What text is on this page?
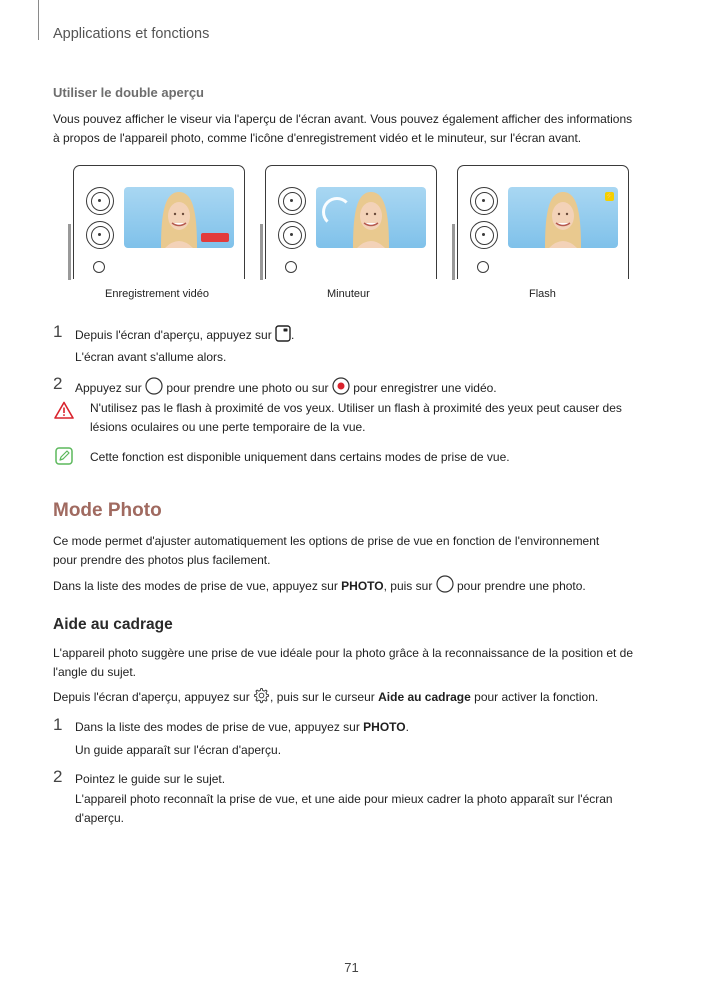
Applications et fonctions
Utiliser le double aperçu
Vous pouvez afficher le viseur via l'aperçu de l'écran avant. Vous pouvez également afficher des informations
à propos de l'appareil photo, comme l'icône d'enregistrement vidéo et le minuteur, sur l'écran avant.
Enregistrement vidéo	Minuteur
⚡
Flash
1 Depuis l'écran d'aperçu, appuyez sur .
L'écran avant s'allume alors.
2 Appuyez sur pour prendre une photo ou sur pour enregistrer une vidéo.
N'utilisez pas le flash à proximité de vos yeux. Utiliser un flash à proximité des yeux peut causer des
lésions oculaires ou une perte temporaire de la vue.
Cette fonction est disponible uniquement dans certains modes de prise de vue.
Mode Photo
Ce mode permet d'ajuster automatiquement les options de prise de vue en fonction de l'environnement
pour prendre des photos plus facilement.
Dans la liste des modes de prise de vue, appuyez sur PHOTO, puis sur pour prendre une photo.
Aide au cadrage
L'appareil photo suggère une prise de vue idéale pour la photo grâce à la reconnaissance de la position et de
l'angle du sujet.
Depuis l'écran d'aperçu, appuyez sur , puis sur le curseur Aide au cadrage pour activer la fonction.
1 Dans la liste des modes de prise de vue, appuyez sur PHOTO.
Un guide apparaît sur l'écran d'aperçu.
2 Pointez le guide sur le sujet.
L'appareil photo reconnaît la prise de vue, et une aide pour mieux cadrer la photo apparaît sur l'écran
d'aperçu.
71
